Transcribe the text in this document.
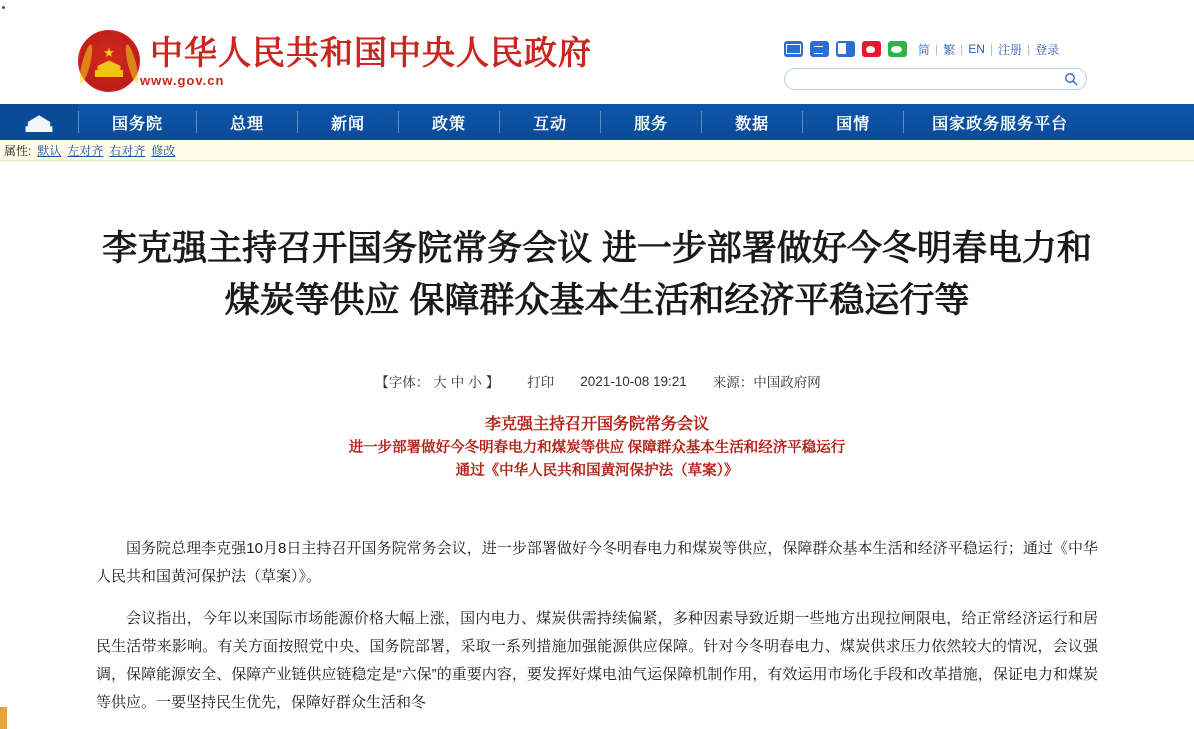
★ 中华人民共和国中央人民政府
www.gov.cn
简 | 繁 | EN | 注册 | 登录
国务院	总理	新闻	政策	互动	服务	数据	国情	国家政务服务平台
属性: 默认 左对齐 右对齐 修改
李克强主持召开国务院常务会议 进一步部署做好今冬明春电力和煤炭等供应 保障群众基本生活和经济平稳运行等
【字体： 大 中 小 】 打印 2021-10-08 19:21 来源：中国政府网
李克强主持召开国务院常务会议
进一步部署做好今冬明春电力和煤炭等供应 保障群众基本生活和经济平稳运行
通过《中华人民共和国黄河保护法（草案）》

国务院总理李克强10月8日主持召开国务院常务会议，进一步部署做好今冬明春电力和煤炭等供应，保障群众基本生活和经济平稳运行；通过《中华人民共和国黄河保护法（草案）》。

会议指出，今年以来国际市场能源价格大幅上涨，国内电力、煤炭供需持续偏紧，多种因素导致近期一些地方出现拉闸限电，给正常经济运行和居民生活带来影响。有关方面按照党中央、国务院部署，采取一系列措施加强能源供应保障。针对今冬明春电力、煤炭供求压力依然较大的情况，会议强调，保障能源安全、保障产业链供应链稳定是“六保”的重要内容，要发挥好煤电油气运保障机制作用，有效运用市场化手段和改革措施，保证电力和煤炭等供应。一要坚持民生优先，保障好群众生活和冬
